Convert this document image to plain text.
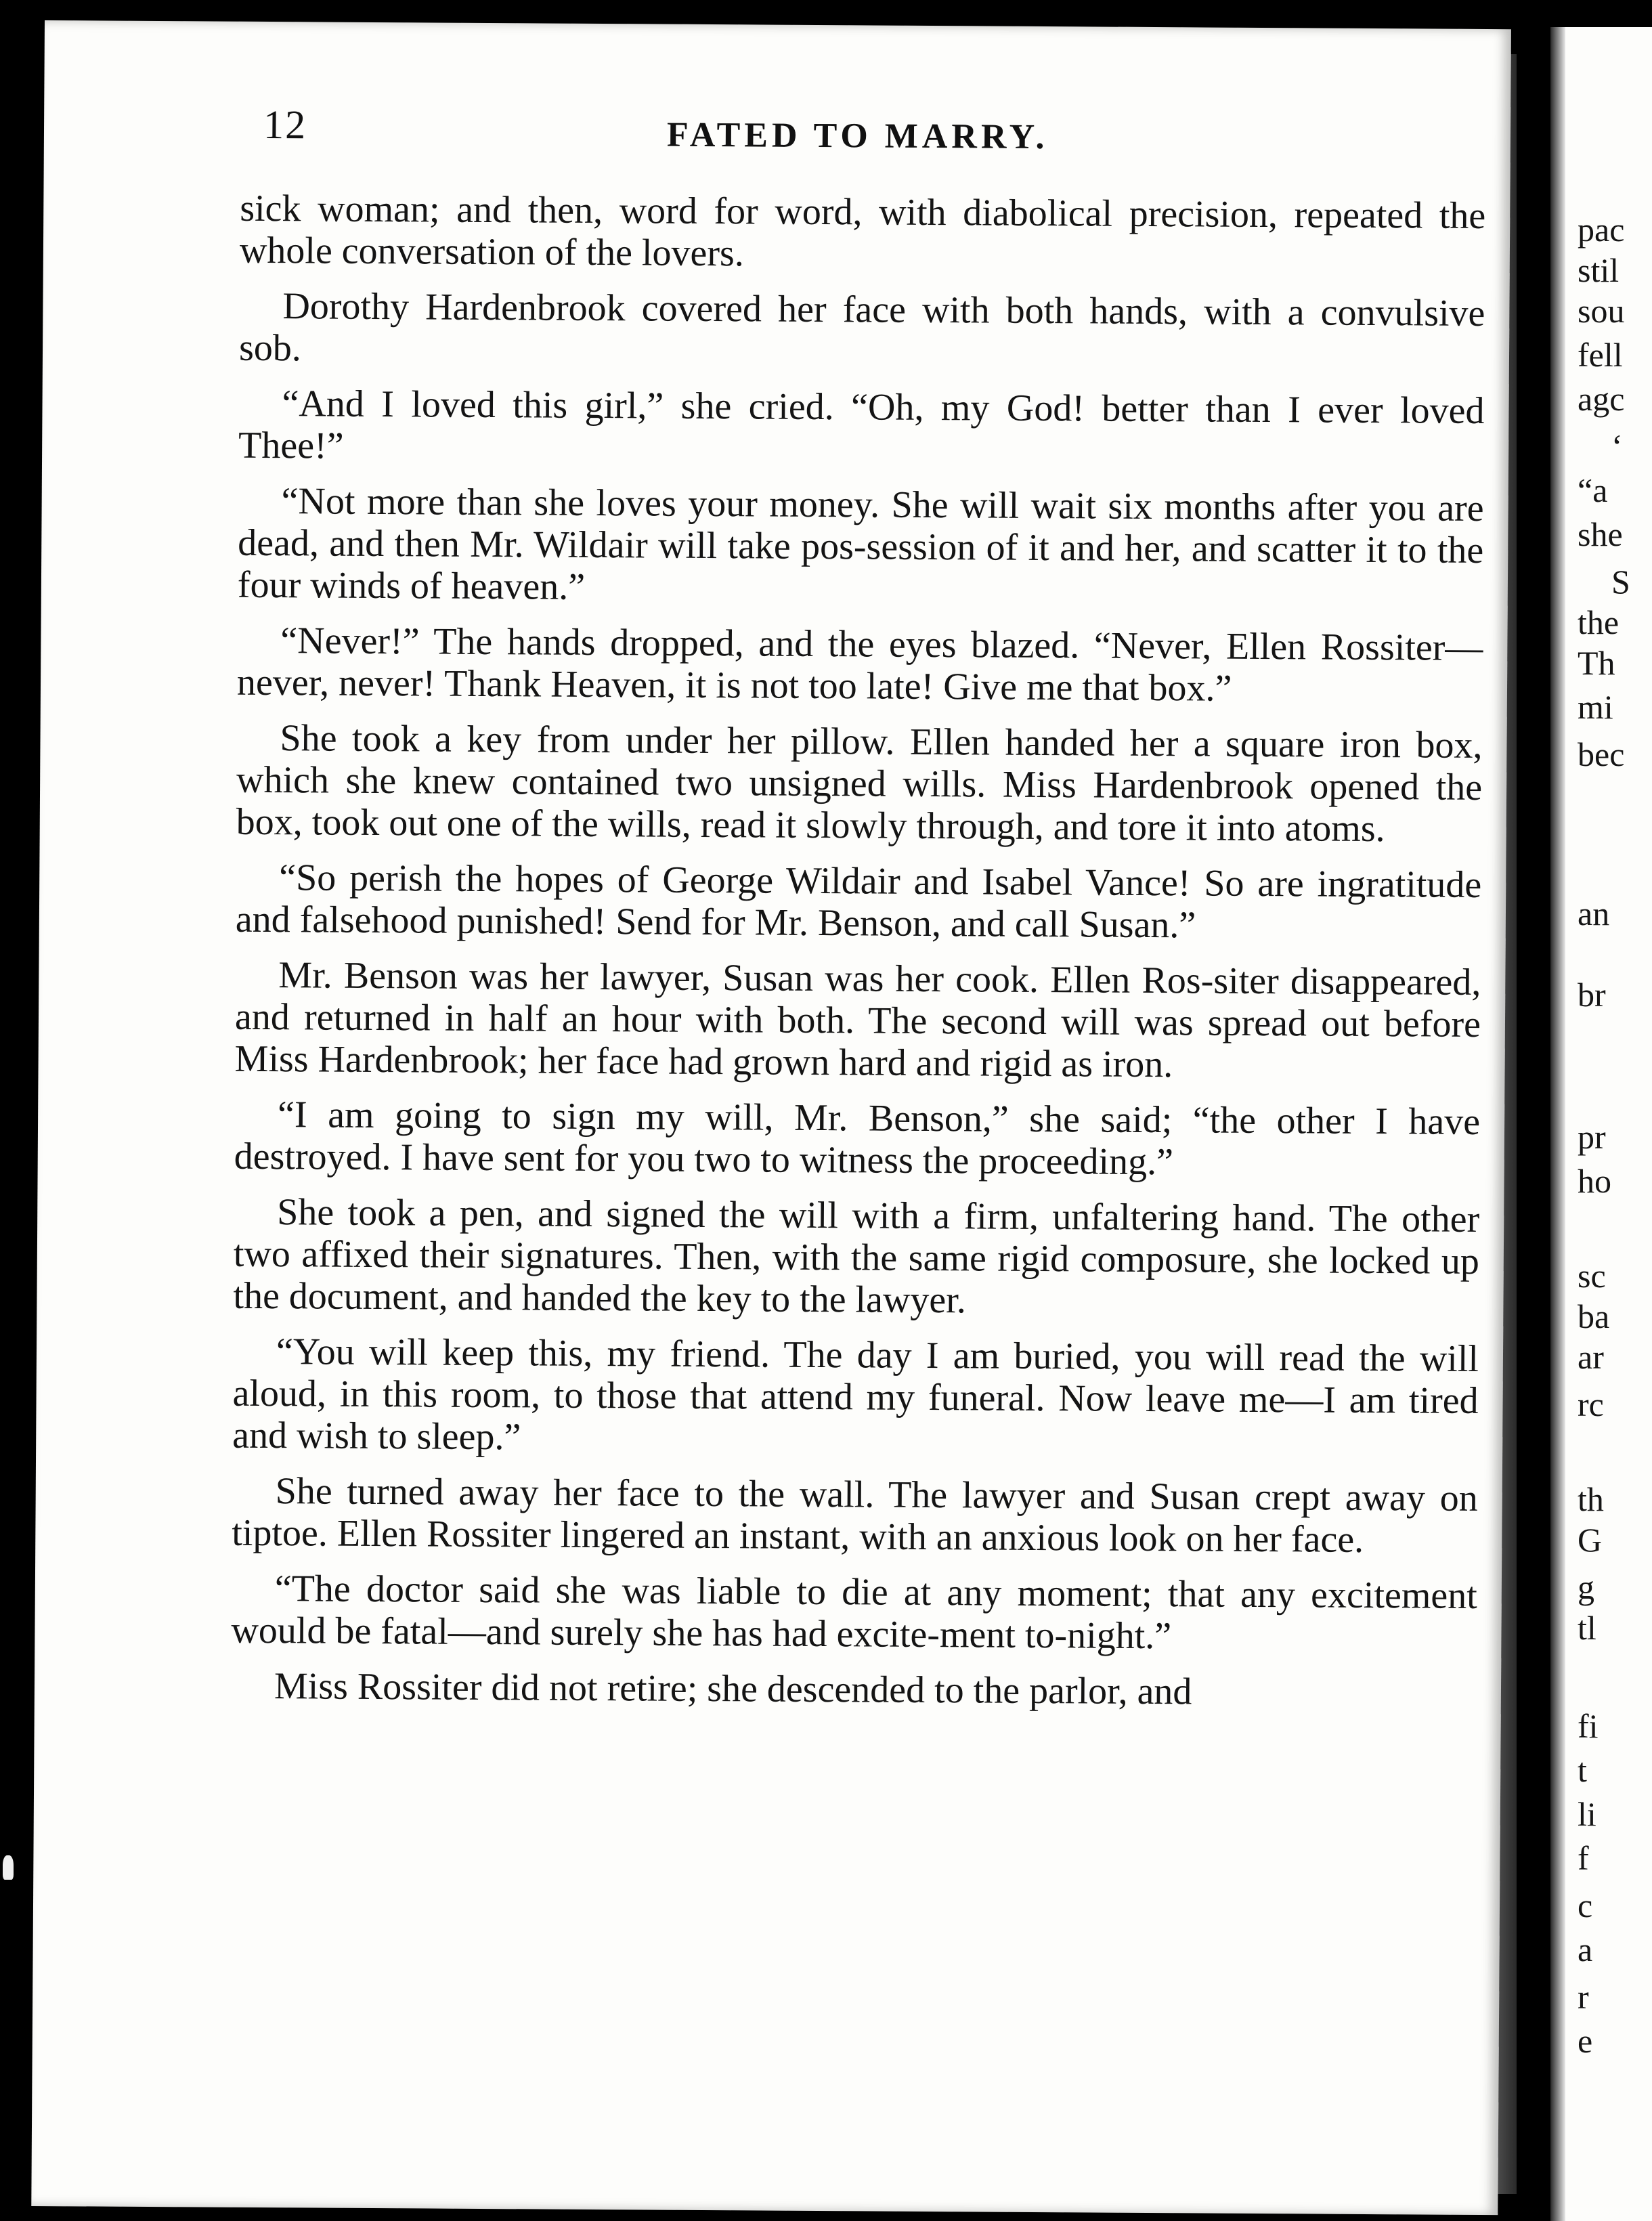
12	FATED TO MARRY.

sick woman; and then, word for word, with diabolical precision, repeated the whole conversation of the lovers.

Dorothy Hardenbrook covered her face with both hands, with a convulsive sob.

“And I loved this girl,” she cried. “Oh, my God! better than I ever loved Thee!”

“Not more than she loves your money. She will wait six months after you are dead, and then Mr. Wildair will take pos-session of it and her, and scatter it to the four winds of heaven.”

“Never!” The hands dropped, and the eyes blazed. “Never, Ellen Rossiter—never, never! Thank Heaven, it is not too late! Give me that box.”

She took a key from under her pillow. Ellen handed her a square iron box, which she knew contained two unsigned wills. Miss Hardenbrook opened the box, took out one of the wills, read it slowly through, and tore it into atoms.

“So perish the hopes of George Wildair and Isabel Vance! So are ingratitude and falsehood punished! Send for Mr. Benson, and call Susan.”

Mr. Benson was her lawyer, Susan was her cook. Ellen Ros-siter disappeared, and returned in half an hour with both. The second will was spread out before Miss Hardenbrook; her face had grown hard and rigid as iron.

“I am going to sign my will, Mr. Benson,” she said; “the other I have destroyed. I have sent for you two to witness the proceeding.”

She took a pen, and signed the will with a firm, unfaltering hand. The other two affixed their signatures. Then, with the same rigid composure, she locked up the document, and handed the key to the lawyer.

“You will keep this, my friend. The day I am buried, you will read the will aloud, in this room, to those that attend my funeral. Now leave me—I am tired and wish to sleep.”

She turned away her face to the wall. The lawyer and Susan crept away on tiptoe. Ellen Rossiter lingered an instant, with an anxious look on her face.

“The doctor said she was liable to die at any moment; that any excitement would be fatal—and surely she has had excite-ment to-night.”

Miss Rossiter did not retire; she descended to the parlor, and

pac
stil
sou
fell
agc
‘
“a
she
S
the
Th
mi
bec
an
br
pr
ho
sc
ba
ar
rc
th
G
g
tl
fi
t
li
f
c
a
r
e
